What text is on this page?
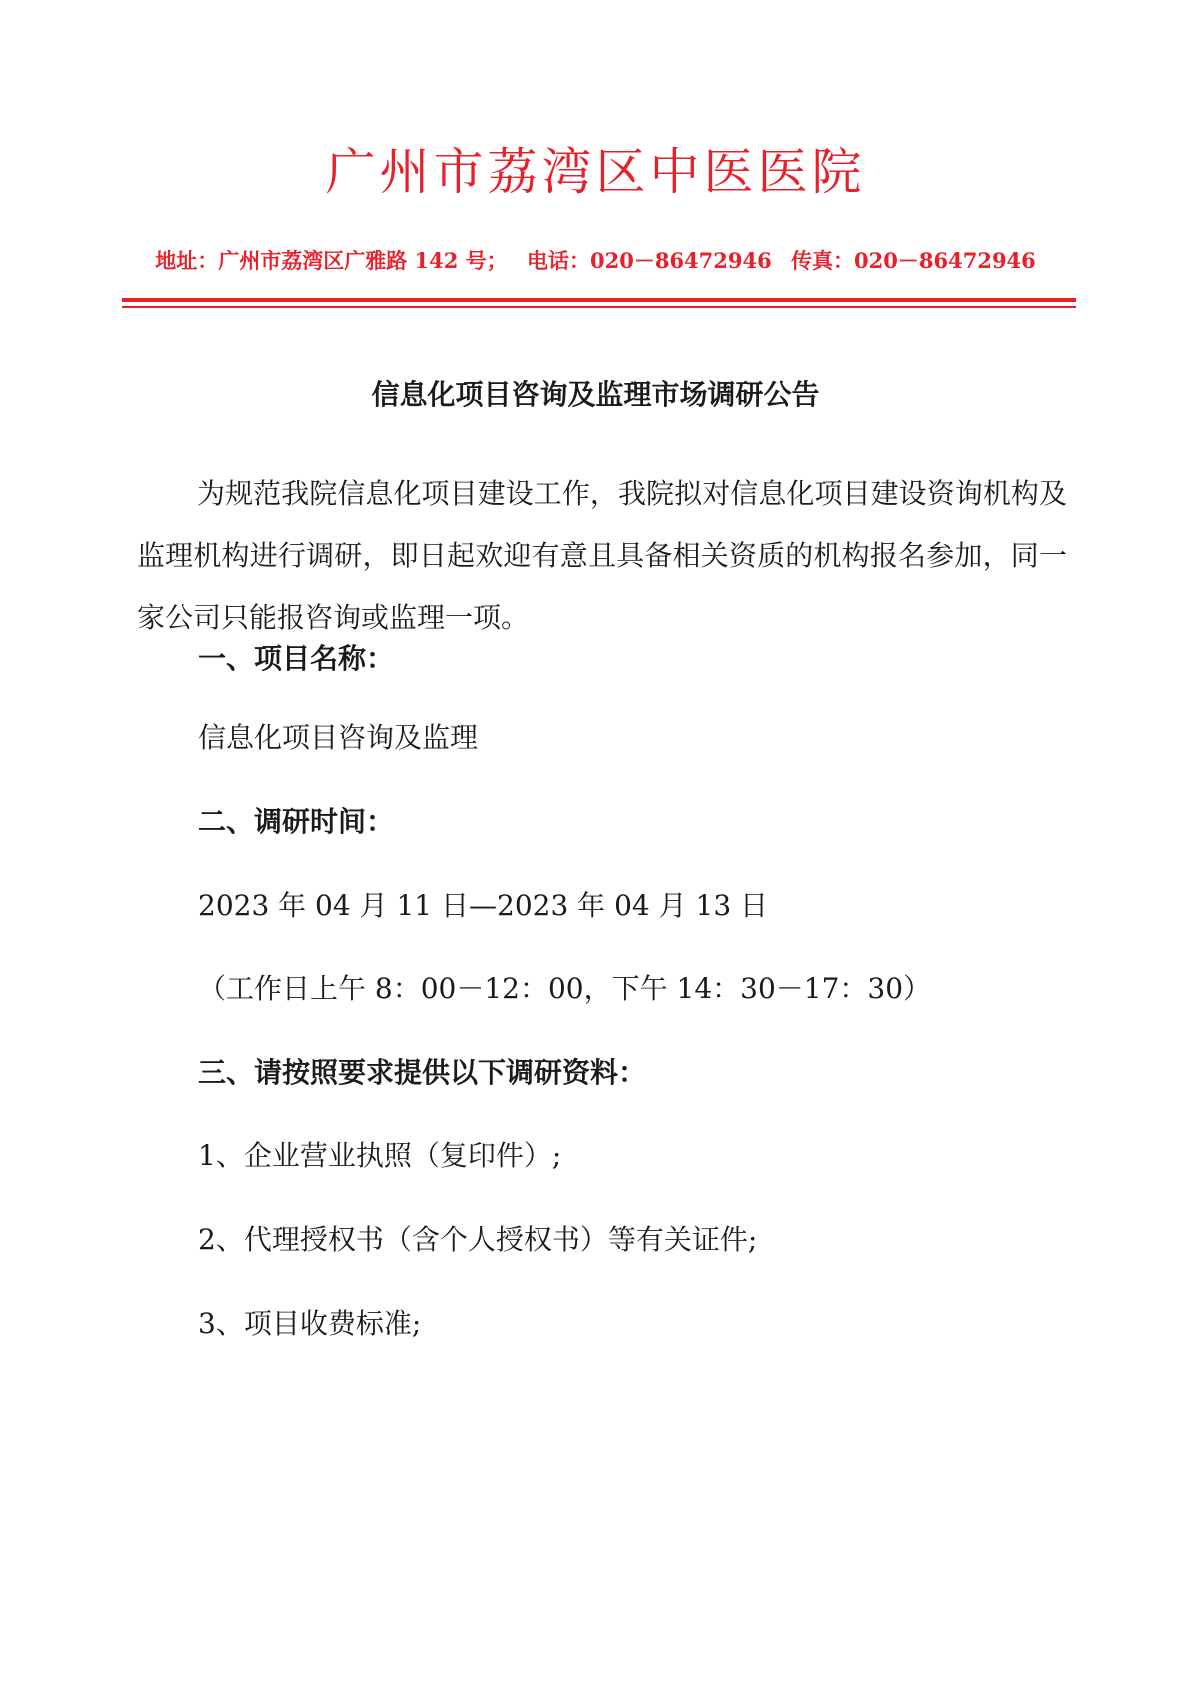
广州市荔湾区中医医院
地址：广州市荔湾区广雅路 142 号； 电话：020－86472946 传真：020－86472946
信息化项目咨询及监理市场调研公告
为规范我院信息化项目建设工作，我院拟对信息化项目建设资询机构及监理机构进行调研，即日起欢迎有意且具备相关资质的机构报名参加，同一家公司只能报咨询或监理一项。
一、项目名称：
信息化项目咨询及监理
二、调研时间：
2023 年 04 月 11 日—2023 年 04 月 13 日
（工作日上午 8：00－12：00，下午 14：30－17：30）
三、请按照要求提供以下调研资料：
1、企业营业执照（复印件）;
2、代理授权书（含个人授权书）等有关证件;
3、项目收费标准;
